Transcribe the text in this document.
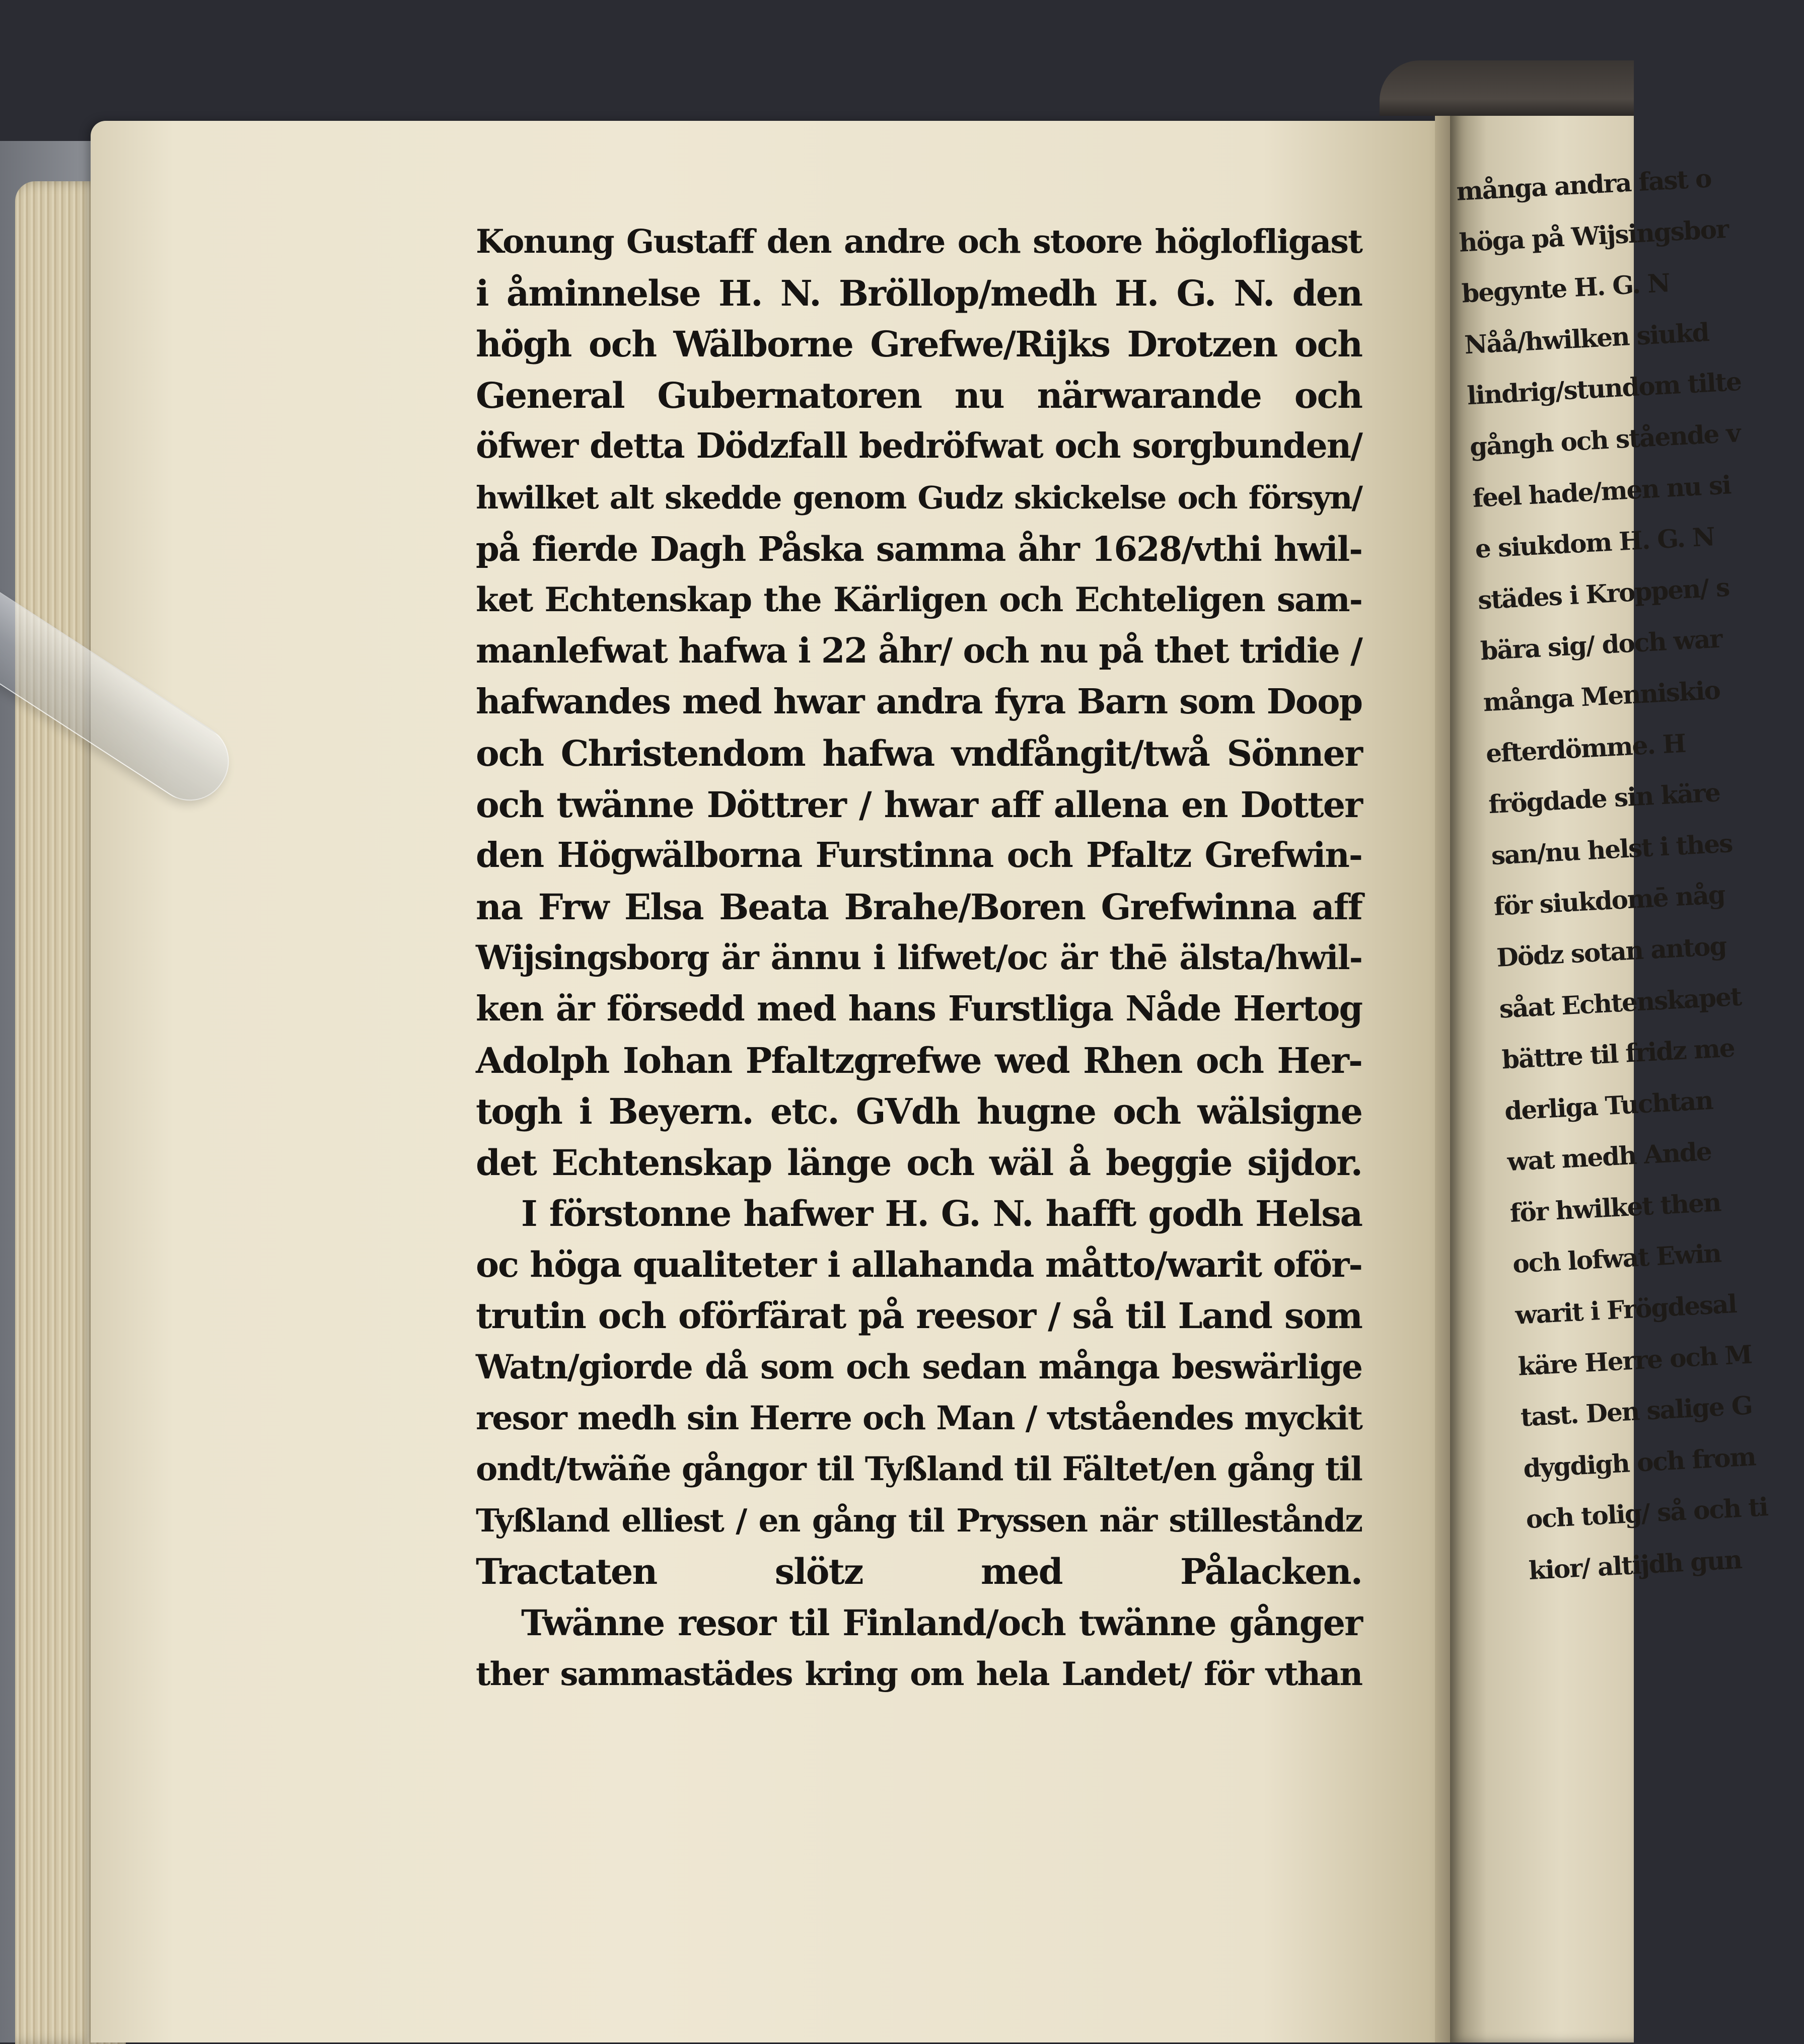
Konung Gustaff den andre och stoore höglofligast
i åminnelse H. N. Bröllop/medh H. G. N. den
högh och Wälborne Grefwe/Rijks Drotzen och
General Gubernatoren nu närwarande och
öfwer detta Dödzfall bedröfwat och sorgbunden/
hwilket alt skedde genom Gudz skickelse och försyn/
på fierde Dagh Påska samma åhr 1628/vthi hwil-
ket Echtenskap the Kärligen och Echteligen sam-
manlefwat hafwa i 22 åhr/ och nu på thet tridie /
hafwandes med hwar andra fyra Barn som Doop
och Christendom hafwa vndfångit/twå Sönner
och twänne Döttrer / hwar aff allena en Dotter
den Högwälborna Furstinna och Pfaltz Grefwin-
na Frw Elsa Beata Brahe/Boren Grefwinna aff
Wijsingsborg är ännu i lifwet/oc är thē älsta/hwil-
ken är försedd med hans Furstliga Nåde Hertog
Adolph Iohan Pfaltzgrefwe wed Rhen och Her-
togh i Beyern. etc. GVdh hugne och wälsigne
det Echtenskap länge och wäl å beggie sijdor.
I förstonne hafwer H. G. N. hafft godh Helsa
oc höga qualiteter i allahanda måtto/warit oför-
trutin och oförfärat på reesor / så til Land som
Watn/giorde då som och sedan många beswärlige
resor medh sin Herre och Man / vtståendes myckit
ondt/twäñe gångor til Tyßland til Fältet/en gång til
Tyßland elliest / en gång til Pryssen när stilleståndz
Tractaten slötz med Pålacken.
Twänne resor til Finland/och twänne gånger
ther sammastädes kring om hela Landet/ för vthan
många andra fast o
höga på Wijsingsbor
begynte H. G. N
Nåå/hwilken siukd
lindrig/stundom tilte
gångh och stående v
feel hade/men nu si
e siukdom H. G. N
städes i Kroppen/ s
bära sig/ doch war
många Menniskio
efterdömme. H
frögdade sin käre
san/nu helst i thes
för siukdomē någ
Dödz sotan antog
såat Echtenskapet
bättre til fridz me
derliga Tuchtan
wat medh Ande
för hwilket then
och lofwat Ewin
warit i Frögdesal
käre Herre och M
tast. Den salige G
dygdigh och from
och tolig/ så och ti
kior/ altijdh gun
